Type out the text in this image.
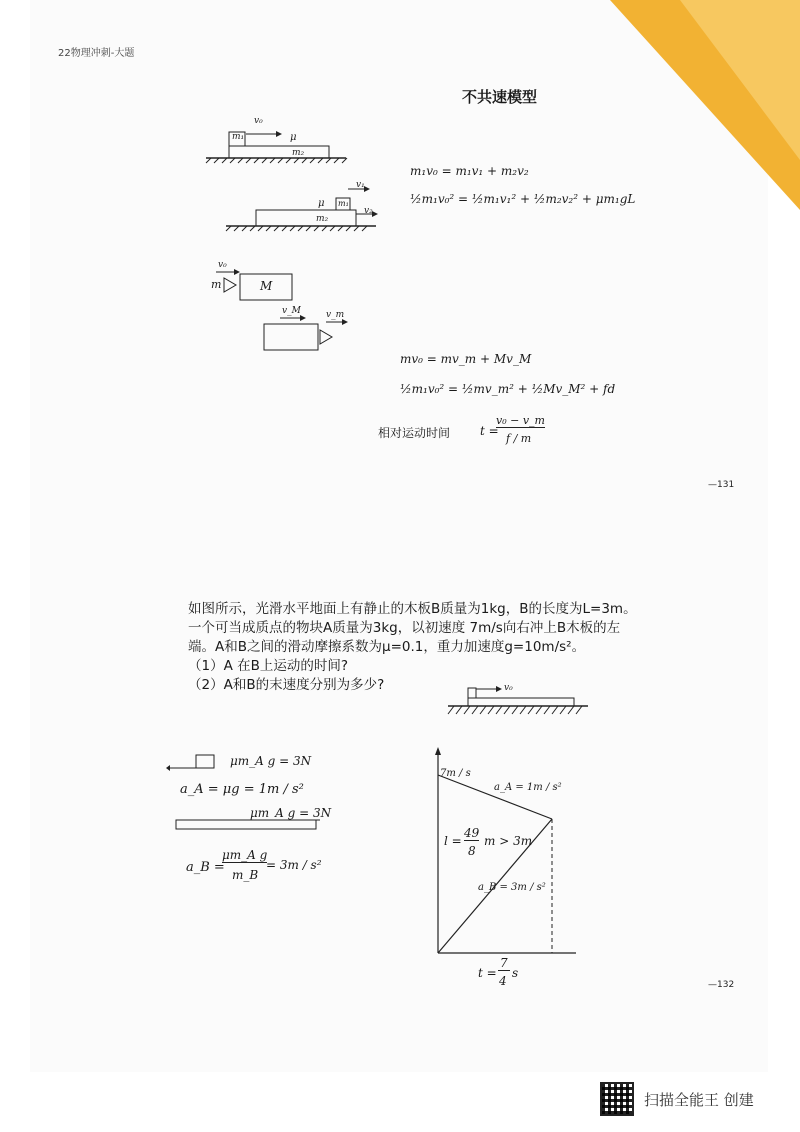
22物理冲刺-大题
不共速模型
m₁
v₀
μ
m₂
μ m₁
m₂
v₁
v₂
m₁v₀ = m₁v₁ + m₂v₂
½m₁v₀² = ½m₁v₁² + ½m₂v₂² + μm₁gL
v₀
m	M
v_M	v_m
mv₀ = mv_m + Mv_M
½m₁v₀² = ½mv_m² + ½Mv_M² + fd
相对运动时间 t =
v₀ − v_m
f / m
—131
如图所示，光滑水平地面上有静止的木板B质量为1kg，B的长度为L=3m。
一个可当成质点的物块A质量为3kg，以初速度 7m/s向右冲上B木板的左
端。A和B之间的滑动摩擦系数为μ=0.1，重力加速度g=10m/s²。
（1）A 在B上运动的时间?
（2）A和B的末速度分别为多少?	v₀
μm_A g = 3N
a_A = μg = 1m / s²
μm_A g = 3N
a_B =
μm_A g
m_B
= 3m / s²
7m / s
a_A = 1m / s²
l =
49
8
m > 3m
a_B = 3m / s²
t =
7
4
s
—132
扫描全能王 创建
